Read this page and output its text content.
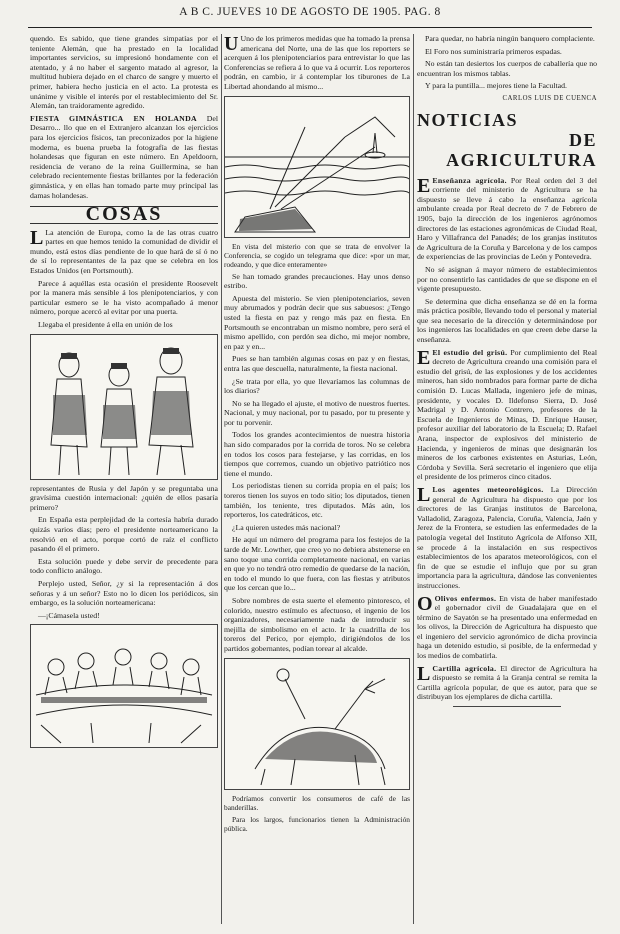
A B C. JUEVES 10 DE AGOSTO DE 1905. PAG. 8

quendo. Es sabido, que tiene grandes simpatías por el teniente Alemán, que ha prestado en la localidad importantes servicios, su impresionó hondamente con el atentado, y á no haber el sargento matado al agresor, la multitud hubiera dejado en el charco de sangre y muerto el primer, habiera hecho justicia en el acto. La protesta es unánime y visible el interés por el restablecimiento del Sr. Alemán, tan traidoramente agredido.

FIESTA GIMNÁSTICA EN HOLANDA Del Desarro... llo que en el Extranjero alcanzan los ejercicios para los ejercicios físicos, tan preconizados por la higiene moderna, es buena prueba la fotografía de las fiestas holandesas que figuran en este número. En Apeldoorn, residencia de verano de la reina Guillermina, se han celebrado recientemente fiestas brillantes por la federación gimnástica, y en ellas han tomado parte muy principal las damas holandesas.

COSAS

L La atención de Europa, como la de las otras cuatro partes en que hemos tenido la comunidad de dividir el mundo, está estos días pendiente de lo que hará de sí ó no de sí lo representantes de la paz que se celebra en los Estados Unidos (en Portsmouth).

Parece á aquéllas esta ocasión el presidente Roosevelt por la manera más sensible á los plenipotenciarios, y con particular esmero se le ha visto acompañado á menor número, porque acercó al evitar por una puerta.

Llegaba el presidente á ella en unión de los

representantes de Rusia y del Japón y se preguntaba una gravísima cuestión internacional: ¿quién de ellos pasaría primero?

En España esta perplejidad de la cortesía habría durado quizás varios días; pero el presidente norteamericano la resolvió en el acto, porque cortó de raíz el conflicto pasando él el primero.

Esta solución puede y debe servir de precedente para todo conflicto análogo.

Perplejo usted, Señor, ¿y si la representación á dos señoras y á un señor? Esto no lo dicen los periódicos, sin embargo, es la solución norteamericana:

—¡Cámasela usted!

U Uno de los primeros medidas que ha tomado la prensa americana del Norte, una de las que los reporters se acerquen á los plenipotenciarios para entrevistar lo que las Conferencias se refiera á lo que va á ocurrir. Los reporteros podrán, en cambio, ir á contemplar los tiburones de La Libertad ahondando al mismo...

En vista del misterio con que se trata de envolver la Conferencia, se cogido un telegrama que dice: «por un mar, rodeando, y que dice enteramente»

Se han tomado grandes precauciones. Hay unos denso estribo.

Apuesta del misterio. Se vien plenipotenciarios, seven muy abrumados y podrán decir que sus sabuesos: ¿Tengo usted la fiesta en paz y rengo más paz en fiesta. En Portsmouth se encontraban un mismo nombre, pero será el mismo apellido, con perdón sea dicho, mi mejor nombre, en paz y en...

Pues se han también algunas cosas en paz y en fiestas, entra las que descuella, naturalmente, la fiesta nacional.

¿Se trata por ella, yo que llevaríamos las columnas de los diarios?

No se ha llegado el ajuste, el motivo de nuestros fuertes. Nacional, y muy nacional, por tu pasado, por tu presente y por tu porvenir.

Todos los grandes acontecimientos de nuestra historia han sido comparados por la corrida de toros. No se celebra en todos los cosos para festejarse, y las corridas, en los tiempos que corremos, cuando un objetivo patriótico nos tiene el mundo.

Los periodistas tienen su corrida propia en el país; los toreros tienen los suyos en todo sitio; los diputados, tienen también, los teniente, tres diputados. Más aún, los reporteros, los catedráticos, etc.

¿La quieren ustedes más nacional?

He aquí un número del programa para los festejos de la tarde de Mr. Lowther, que creo yo no debiera abstenerse en sano toque una corrida completamente nacional, en varias en que yo no tendrá otro remedio de quedarse de la nación, en todo el mundo lo que fuera, con las fiestas y atributos que los cercan que lo...

Sobre nombres de esta suerte el elemento pintoresco, el colorido, nuestro estímulo es afectuoso, el ingenio de los organizadores, necesariamente nada de introducir su mejilla de simbolismo en el acto. Ir la cuadrilla de los toreros del Perico, por ejemplo, dirigiéndolos de los partidos gobernantes, podían torear al alcalde.

Podríamos convertir los consumeros de café de las banderillas.

Para los largos, funcionarios tienen la Administración pública.

Para quedar, no habría ningún banquero complaciente.

El Foro nos suministraría primeros espadas.

No están tan desiertos los cuerpos de caballería que no encuentran los mismos tablas.

Y para la puntilla... mejores tiene la Facultad.

CARLOS LUIS DE CUENCA
NOTICIAS
DE AGRICULTURA

E Enseñanza agrícola. Por Real orden del 3 del corriente del ministerio de Agricultura se ha dispuesto se lleve á cabo la enseñanza agrícola ambulante creada por Real decreto de 7 de Febrero de 1905, bajo la dirección de los ingenieros agrónomos directores de las estaciones agronómicas de Ciudad Real, Haro y Villafranca del Panadés; de los granjas institutos de Agricultura de la Coruña y Barcelona y de los campos de experiencias de las provincias de León y Pontevedra.

No sé asignan á mayor número de establecimientos por no consentirlo las cantidades de que se dispone en el vigente presupuesto.

Se determina que dicha enseñanza se dé en la forma más práctica posible, llevando todo el personal y material que sea necesario de la dirección y determinándose por los ingenieros las localidades en que creen debe darse la enseñanza.

E El estudio del grisú. Por cumplimiento del Real decreto de Agricultura creando una comisión para el estudio del grisú, de las explosiones y de los accidentes mineros, han sido nombrados para formar parte de dicha comisión D. Lucas Mallada, ingeniero jefe de minas, presidente, y vocales D. Ildefonso Sierra, D. José Madrigal y D. Antonio Contrero, profesores de la Escuela de Ingenieros de Minas, D. Enrique Hauser, profesor auxiliar del laboratorio de la Escuela; D. Rafael Arana, inspector de explosivos del ministerio de Hacienda, y ingenieros de minas que designarán los mineros de los carbones existentes en Asturias, León, Córdoba y Sevilla. Será secretario el ingeniero que elija el presidente de los primeros cinco citados.

L Los agentes meteorológicos. La Dirección general de Agricultura ha dispuesto que por los directores de las Granjas institutos de Barcelona, Valladolid, Zaragoza, Palencia, Coruña, Valencia, Jaén y Jerez de la Frontera, se estudien las enfermedades de la patología vegetal del Instituto Agrícola de Alfonso XII, se procede á la instalación en sus respectivos establecimientos de los aparatos meteorológicos, con el fin de que se estudie el influjo que por su gran importancia para la agricultura, dándose las convenientes instrucciones.

O Olivos enfermos. En vista de haber manifestado el gobernador civil de Guadalajara que en el término de Sayatón se ha presentado una enfermedad en los olivos, la Dirección de Agricultura ha dispuesto que el ingeniero del servicio agronómico de dicha provincia haga un detenido estudio, si posible, de la enfermedad y los medios de combatirla.

L Cartilla agrícola. El director de Agricultura ha dispuesto se remita á la Granja central se remita la Cartilla agrícola popular, de que es autor, para que se distribuyan los ejemplares de dicha cartilla.
